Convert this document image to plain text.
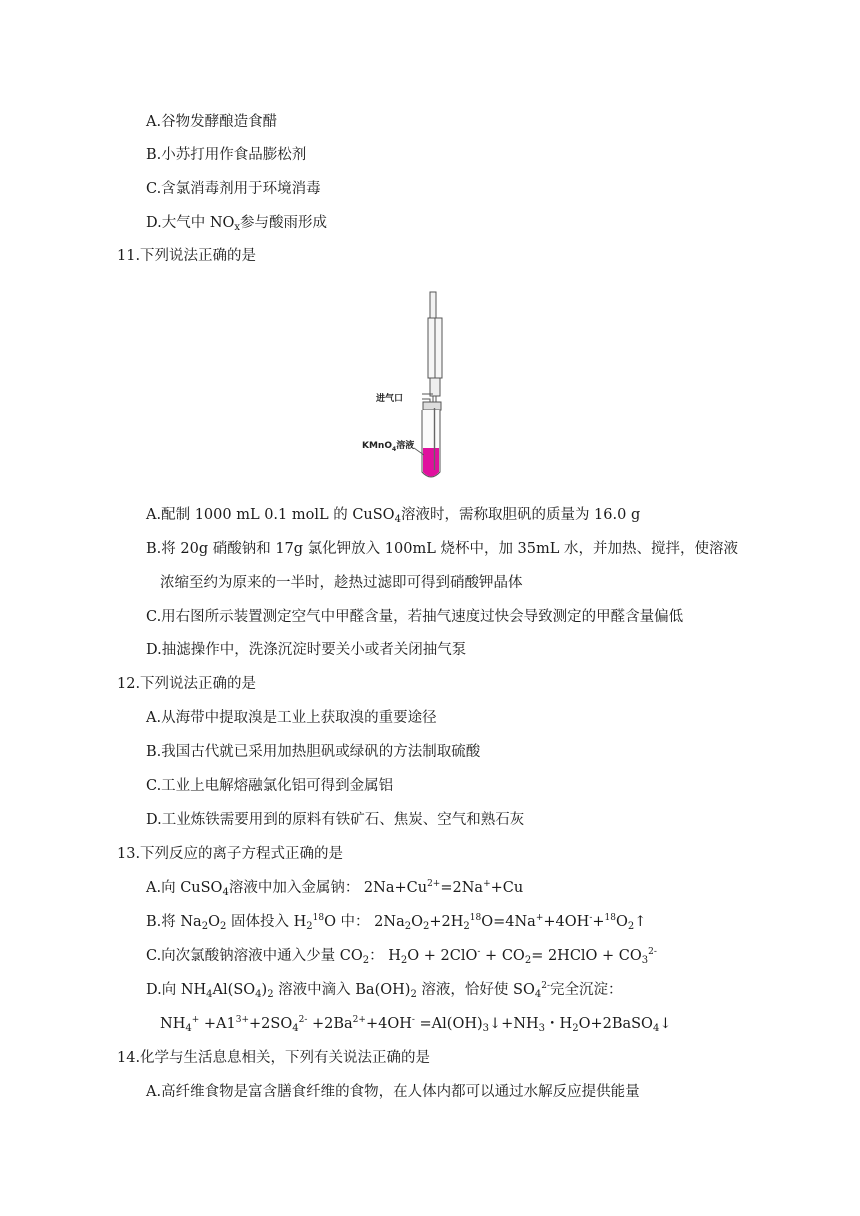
A.谷物发酵酿造食醋
B.小苏打用作食品膨松剂
C.含氯消毒剂用于环境消毒
D.大气中 $NO_x$参与酸雨形成
11.下列说法正确的是
进气口
KMnO$_4$溶液
A.配制 1000 mL 0.1 molL 的 CuSO$_4$溶液时，需称取胆矾的质量为 16.0 g
B.将 20g 硝酸钠和 17g 氯化钾放入 100mL 烧杯中，加 35mL 水，并加热、搅拌，使溶液
浓缩至约为原来的一半时，趁热过滤即可得到硝酸钾晶体
C.用右图所示装置测定空气中甲醛含量，若抽气速度过快会导致测定的甲醛含量偏低
D.抽滤操作中，洗涤沉淀时要关小或者关闭抽气泵
12.下列说法正确的是
A.从海带中提取溴是工业上获取溴的重要途径
B.我国古代就已采用加热胆矾或绿矾的方法制取硫酸
C.工业上电解熔融氯化铝可得到金属铝
D.工业炼铁需要用到的原料有铁矿石、焦炭、空气和熟石灰
13.下列反应的离子方程式正确的是
A.向 CuSO$_4$溶液中加入金属钠： $2Na+Cu^{2+}=2Na^++Cu$
B.将 $Na_2O_2$ 固体投入 $H_2^{18}O$ 中： $2Na_2O_2+2H_2^{18}O=4Na^++4OH^-+^{18}O_2↑$
C.向次氯酸钠溶液中通入少量 $CO_2$： $H_2O + 2ClO^- + CO_2=$ 2HClO + $CO_3^{2-}$
D.向 $NH_4Al(SO_4)_2$ 溶液中滴入 $Ba(OH)_2$ 溶液，恰好使 $SO_4^{2-}$完全沉淀：
$NH_4^+ +A1^{3+}+2SO_4^{2-} +2Ba^{2+}+4OH^-$ $=Al(OH)_3↓+NH_3$・$H_2O+2BaSO_4↓$
14.化学与生活息息相关，下列有关说法正确的是
A.高纤维食物是富含膳食纤维的食物，在人体内都可以通过水解反应提供能量
